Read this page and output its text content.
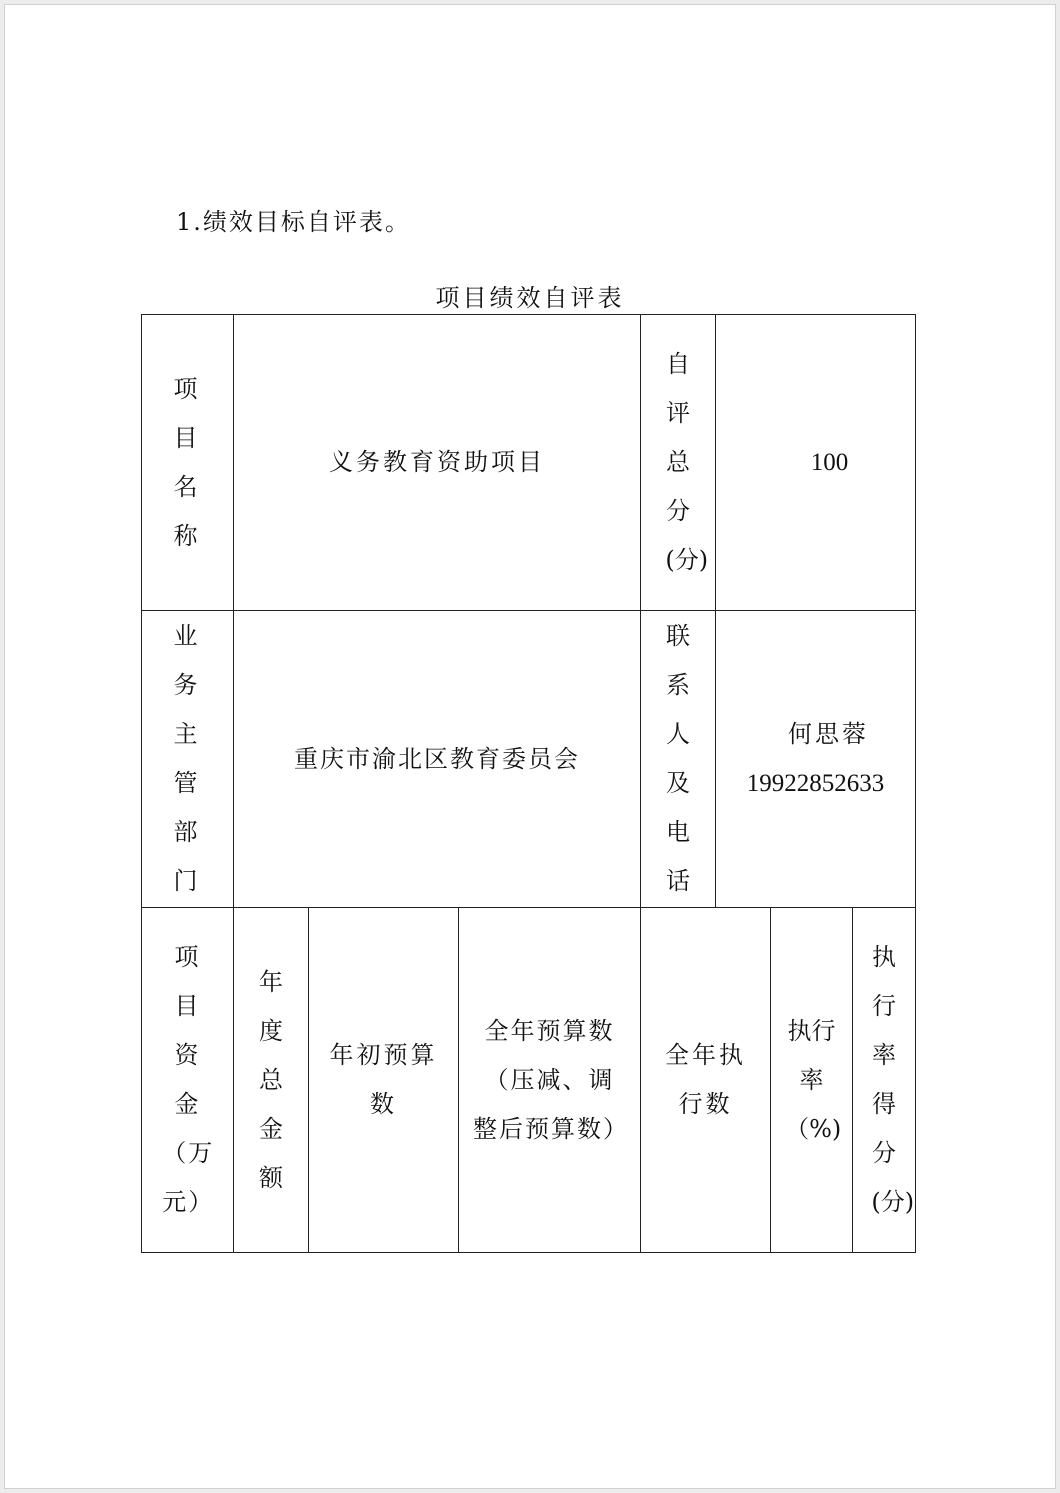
1.绩效目标自评表。
项目绩效自评表
项目名称
义务教育资助项目
自评总分(分)
100
业务主管部门
重庆市渝北区教育委员会
联系人及电话
何思蓉
19922852633
项目资金（万元）
年度总金额
年初预算数
全年预算数（压减、调整后预算数）
全年执行数
执行率（%)
执行率得分(分)
